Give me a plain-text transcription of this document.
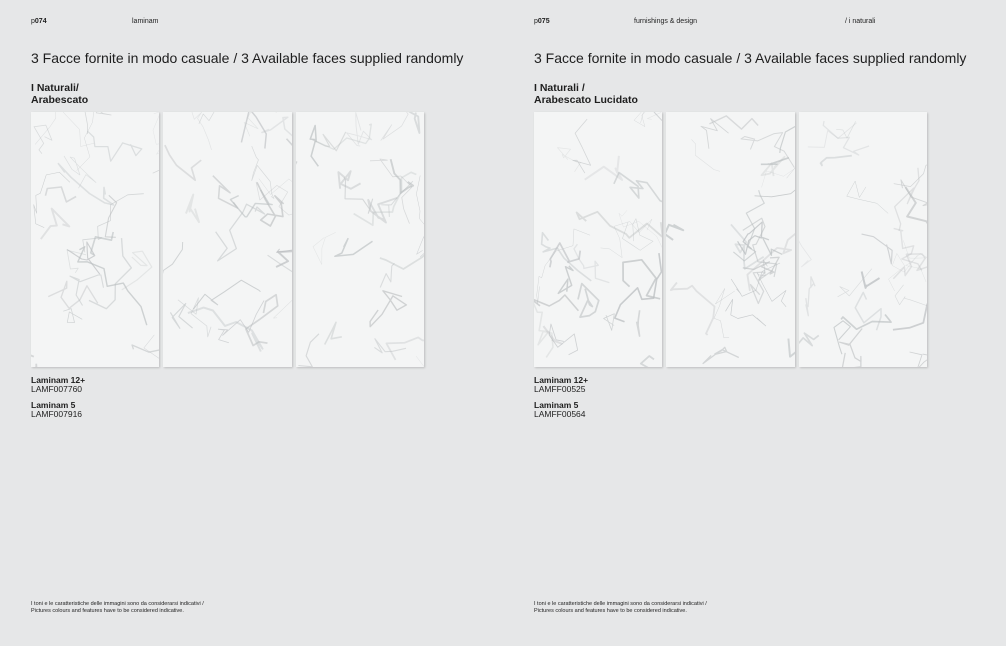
p074	laminam
3 Facce fornite in modo casuale / 3 Available faces supplied randomly
I Naturali/
Arabescato
Laminam 12+
LAMF007760
Laminam 5
LAMF007916
I toni e le caratteristiche delle immagini sono da considerarsi indicativi /
Pictures colours and features have to be considered indicative.
p075	furnishings & design	/ i naturali
3 Facce fornite in modo casuale / 3 Available faces supplied randomly
I Naturali /
Arabescato Lucidato
Laminam 12+
LAMFF00525
Laminam 5
LAMFF00564
I toni e le caratteristiche delle immagini sono da considerarsi indicativi /
Pictures colours and features have to be considered indicative.
